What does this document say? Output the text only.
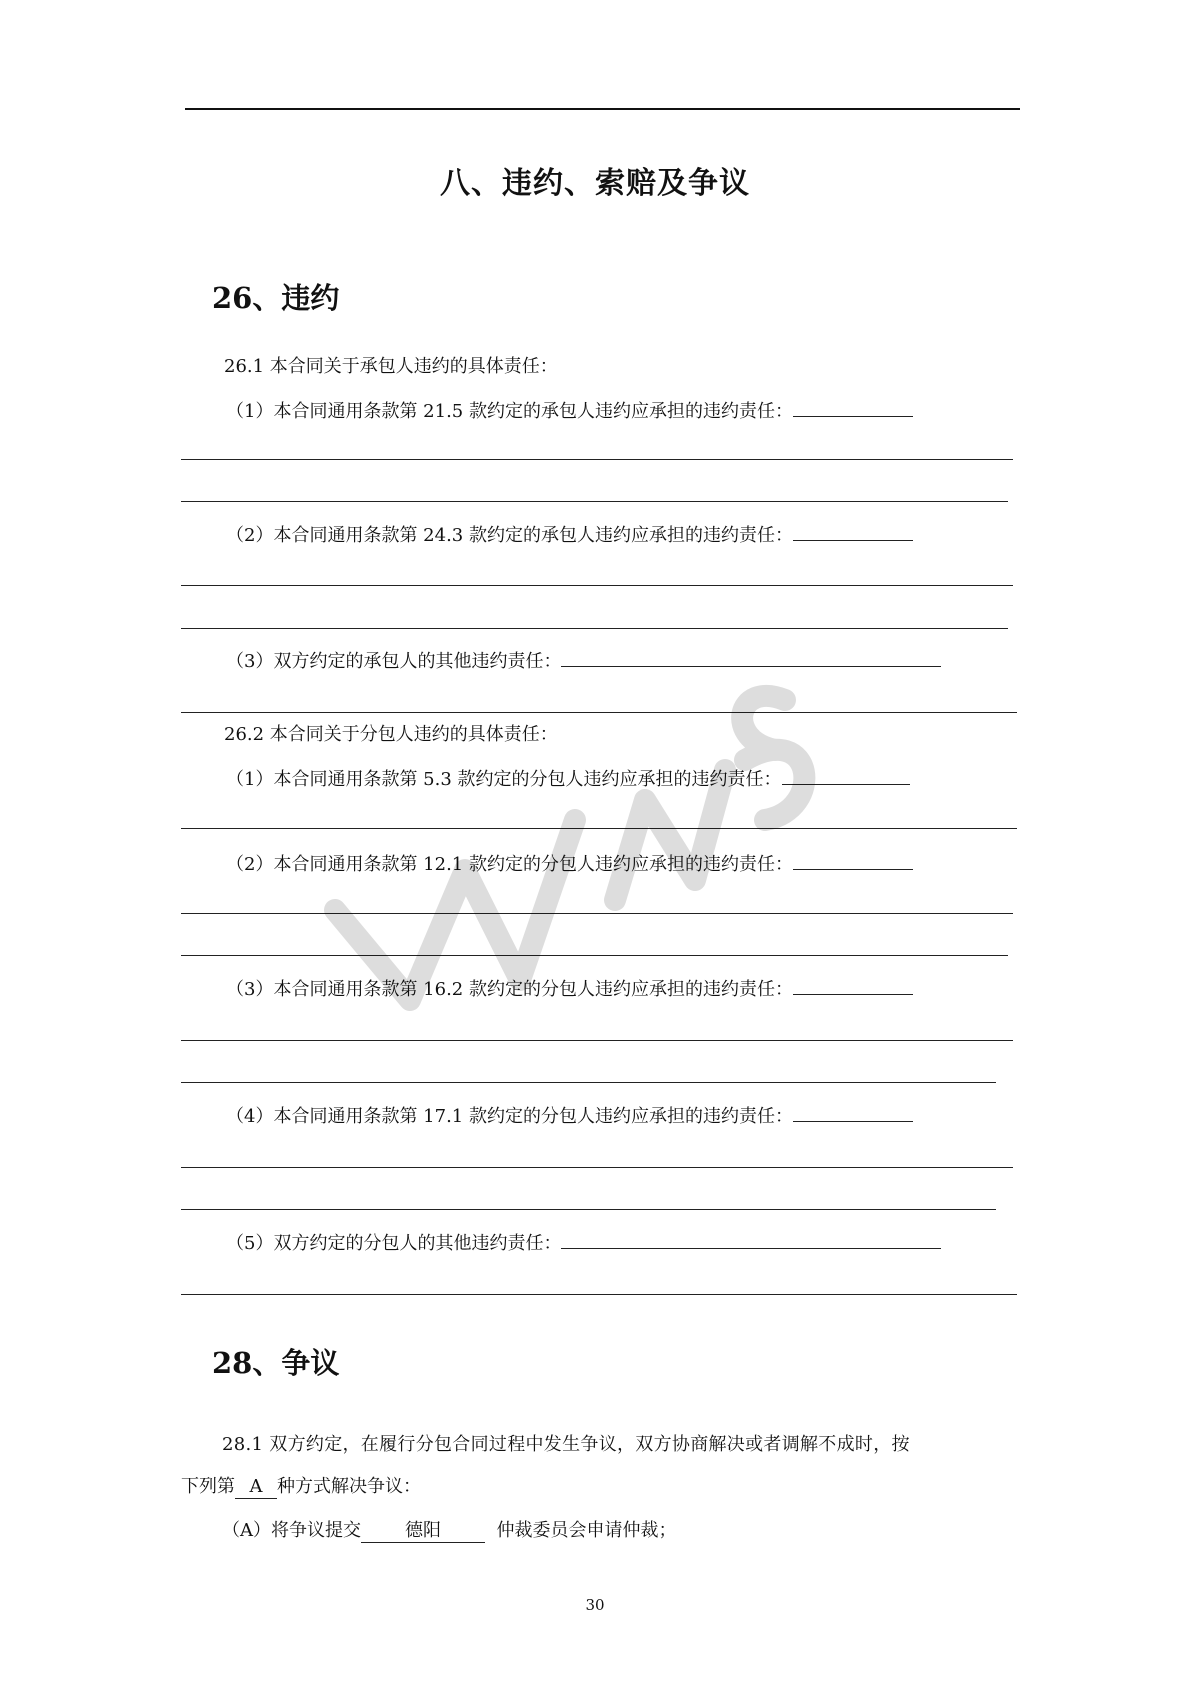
八、违约、索赔及争议
26、违约
26.1 本合同关于承包人违约的具体责任：
（1）本合同通用条款第 21.5 款约定的承包人违约应承担的违约责任：
（2）本合同通用条款第 24.3 款约定的承包人违约应承担的违约责任：
（3）双方约定的承包人的其他违约责任：
26.2 本合同关于分包人违约的具体责任：
（1）本合同通用条款第 5.3 款约定的分包人违约应承担的违约责任：
（2）本合同通用条款第 12.1 款约定的分包人违约应承担的违约责任：
（3）本合同通用条款第 16.2 款约定的分包人违约应承担的违约责任：
（4）本合同通用条款第 17.1 款约定的分包人违约应承担的违约责任：
（5）双方约定的分包人的其他违约责任：
28、争议
28.1 双方约定，在履行分包合同过程中发生争议，双方协商解决或者调解不成时，按
下列第 A 种方式解决争议：
（A）将争议提交 德阳	仲裁委员会申请仲裁；
30
